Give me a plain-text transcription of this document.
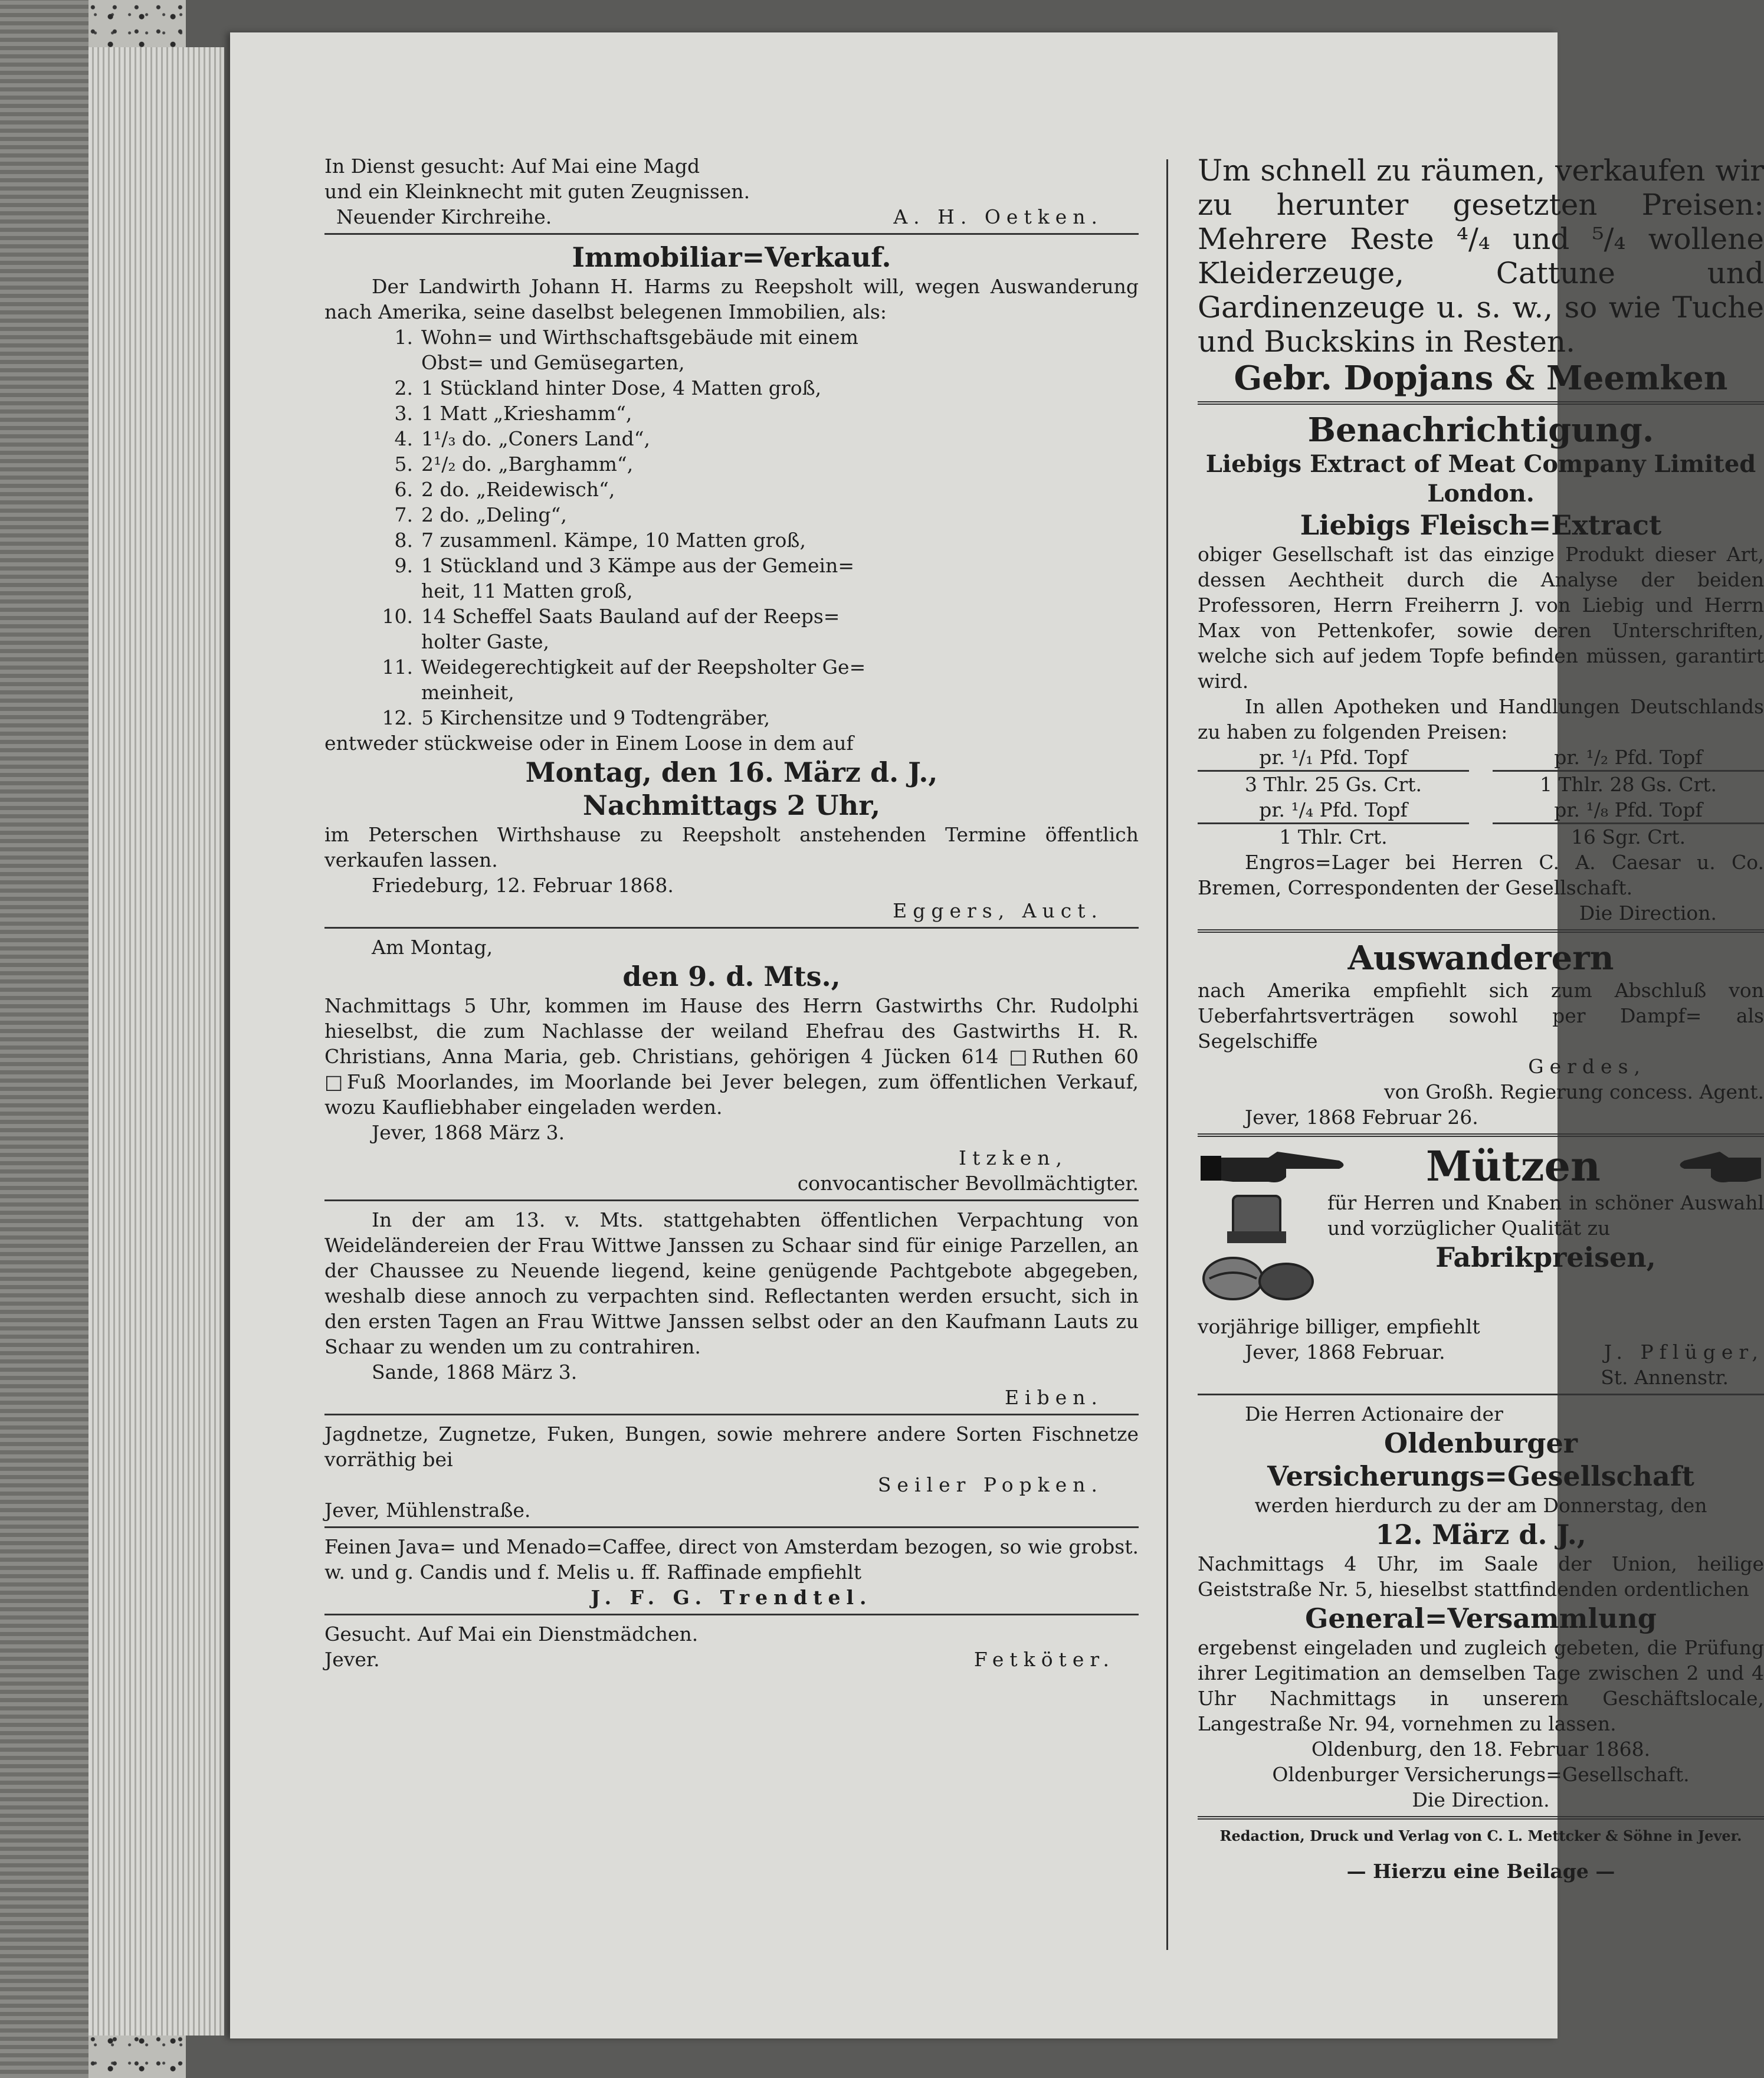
In Dienst gesucht: Auf Mai eine Magd

und ein Kleinknecht mit guten Zeugnissen.

Neuender Kirchreihe.	A. H. Oetken.

Immobiliar=Verkauf.

Der Landwirth Johann H. Harms zu Reepsholt will, wegen Auswanderung nach Amerika, seine daselbst belegenen Immobilien, als:

1. Wohn= und Wirthschaftsgebäude mit einem
Obst= und Gemüsegarten,
2. 1 Stückland hinter Dose, 4 Matten groß,
3. 1 Matt „Krieshamm“,
4. 1¹/₃ do. „Coners Land“,
5. 2¹/₂ do. „Barghamm“,
6. 2 do. „Reidewisch“,
7. 2 do. „Deling“,
8. 7 zusammenl. Kämpe, 10 Matten groß,
9. 1 Stückland und 3 Kämpe aus der Gemein=
heit, 11 Matten groß,
10. 14 Scheffel Saats Bauland auf der Reeps=
holter Gaste,
11. Weidegerechtigkeit auf der Reepsholter Ge=
meinheit,
12. 5 Kirchensitze und 9 Todtengräber,

entweder stückweise oder in Einem Loose in dem auf

Montag, den 16. März d. J.,

Nachmittags 2 Uhr,

im Peterschen Wirthshause zu Reepsholt anstehenden Termine öffentlich verkaufen lassen.

Friedeburg, 12. Februar 1868.

Eggers, Auct.

Am Montag,

den 9. d. Mts.,

Nachmittags 5 Uhr, kommen im Hause des Herrn Gastwirths Chr. Rudolphi hieselbst, die zum Nachlasse der weiland Ehefrau des Gastwirths H. R. Christians, Anna Maria, geb. Christians, gehörigen 4 Jücken 614 □Ruthen 60 □Fuß Moorlandes, im Moorlande bei Jever belegen, zum öffentlichen Verkauf, wozu Kaufliebhaber eingeladen werden.

Jever, 1868 März 3.

Itzken,

convocantischer Bevollmächtigter.

In der am 13. v. Mts. stattgehabten öffentlichen Verpachtung von Weideländereien der Frau Wittwe Janssen zu Schaar sind für einige Parzellen, an der Chaussee zu Neuende liegend, keine genügende Pachtgebote abgegeben, weshalb diese annoch zu verpachten sind. Reflectanten werden ersucht, sich in den ersten Tagen an Frau Wittwe Janssen selbst oder an den Kaufmann Lauts zu Schaar zu wenden um zu contrahiren.

Sande, 1868 März 3.

Eiben.

Jagdnetze, Zugnetze, Fuken, Bungen, sowie mehrere andere Sorten Fischnetze vorräthig bei

Seiler Popken.

Jever, Mühlenstraße.

Feinen Java= und Menado=Caffee, direct von Amsterdam bezogen, so wie grobst. w. und g. Candis und f. Melis u. ff. Raffinade empfiehlt

J. F. G. Trendtel.

Gesucht. Auf Mai ein Dienstmädchen.

Jever.	Fetköter.

Um schnell zu räumen, verkaufen wir zu herunter gesetzten Preisen: Mehrere Reste ⁴/₄ und ⁵/₄ wollene Kleiderzeuge, Cattune und Gardinenzeuge u. s. w., so wie Tuche und Buckskins in Resten.

Gebr. Dopjans & Meemken

Benachrichtigung.

Liebigs Extract of Meat Company Limited London.

Liebigs Fleisch=Extract

obiger Gesellschaft ist das einzige Produkt dieser Art, dessen Aechtheit durch die Analyse der beiden Professoren, Herrn Freiherrn J. von Liebig und Herrn Max von Pettenkofer, sowie deren Unterschriften, welche sich auf jedem Topfe befinden müssen, garantirt wird.

In allen Apotheken und Handlungen Deutschlands zu haben zu folgenden Preisen:

pr. ¹/₁ Pfd. Topf	pr. ¹/₂ Pfd. Topf
3 Thlr. 25 Gs. Crt.	1 Thlr. 28 Gs. Crt.
pr. ¹/₄ Pfd. Topf	pr. ¹/₈ Pfd. Topf
1 Thlr. Crt.	16 Sgr. Crt.

Engros=Lager bei Herren C. A. Caesar u. Co. Bremen, Correspondenten der Gesellschaft.

Die Direction.

Auswanderern

nach Amerika empfiehlt sich zum Abschluß von Ueberfahrtsverträgen sowohl per Dampf= als Segelschiffe

Gerdes,

von Großh. Regierung concess. Agent.

Jever, 1868 Februar 26.

Mützen

für Herren und Knaben in schöner Auswahl und vorzüglicher Qualität zu

Fabrikpreisen,

vorjährige billiger, empfiehlt

Jever, 1868 Februar.	J. Pflüger,

St. Annenstr.

Die Herren Actionaire der

Oldenburger

Versicherungs=Gesellschaft

werden hierdurch zu der am Donnerstag, den

12. März d. J.,

Nachmittags 4 Uhr, im Saale der Union, heilige Geiststraße Nr. 5, hieselbst stattfindenden ordentlichen

General=Versammlung

ergebenst eingeladen und zugleich gebeten, die Prüfung ihrer Legitimation an demselben Tage zwischen 2 und 4 Uhr Nachmittags in unserem Geschäftslocale, Langestraße Nr. 94, vornehmen zu lassen.

Oldenburg, den 18. Februar 1868.

Oldenburger Versicherungs=Gesellschaft.

Die Direction.

Redaction, Druck und Verlag von C. L. Mettcker & Söhne in Jever.

— Hierzu eine Beilage —
